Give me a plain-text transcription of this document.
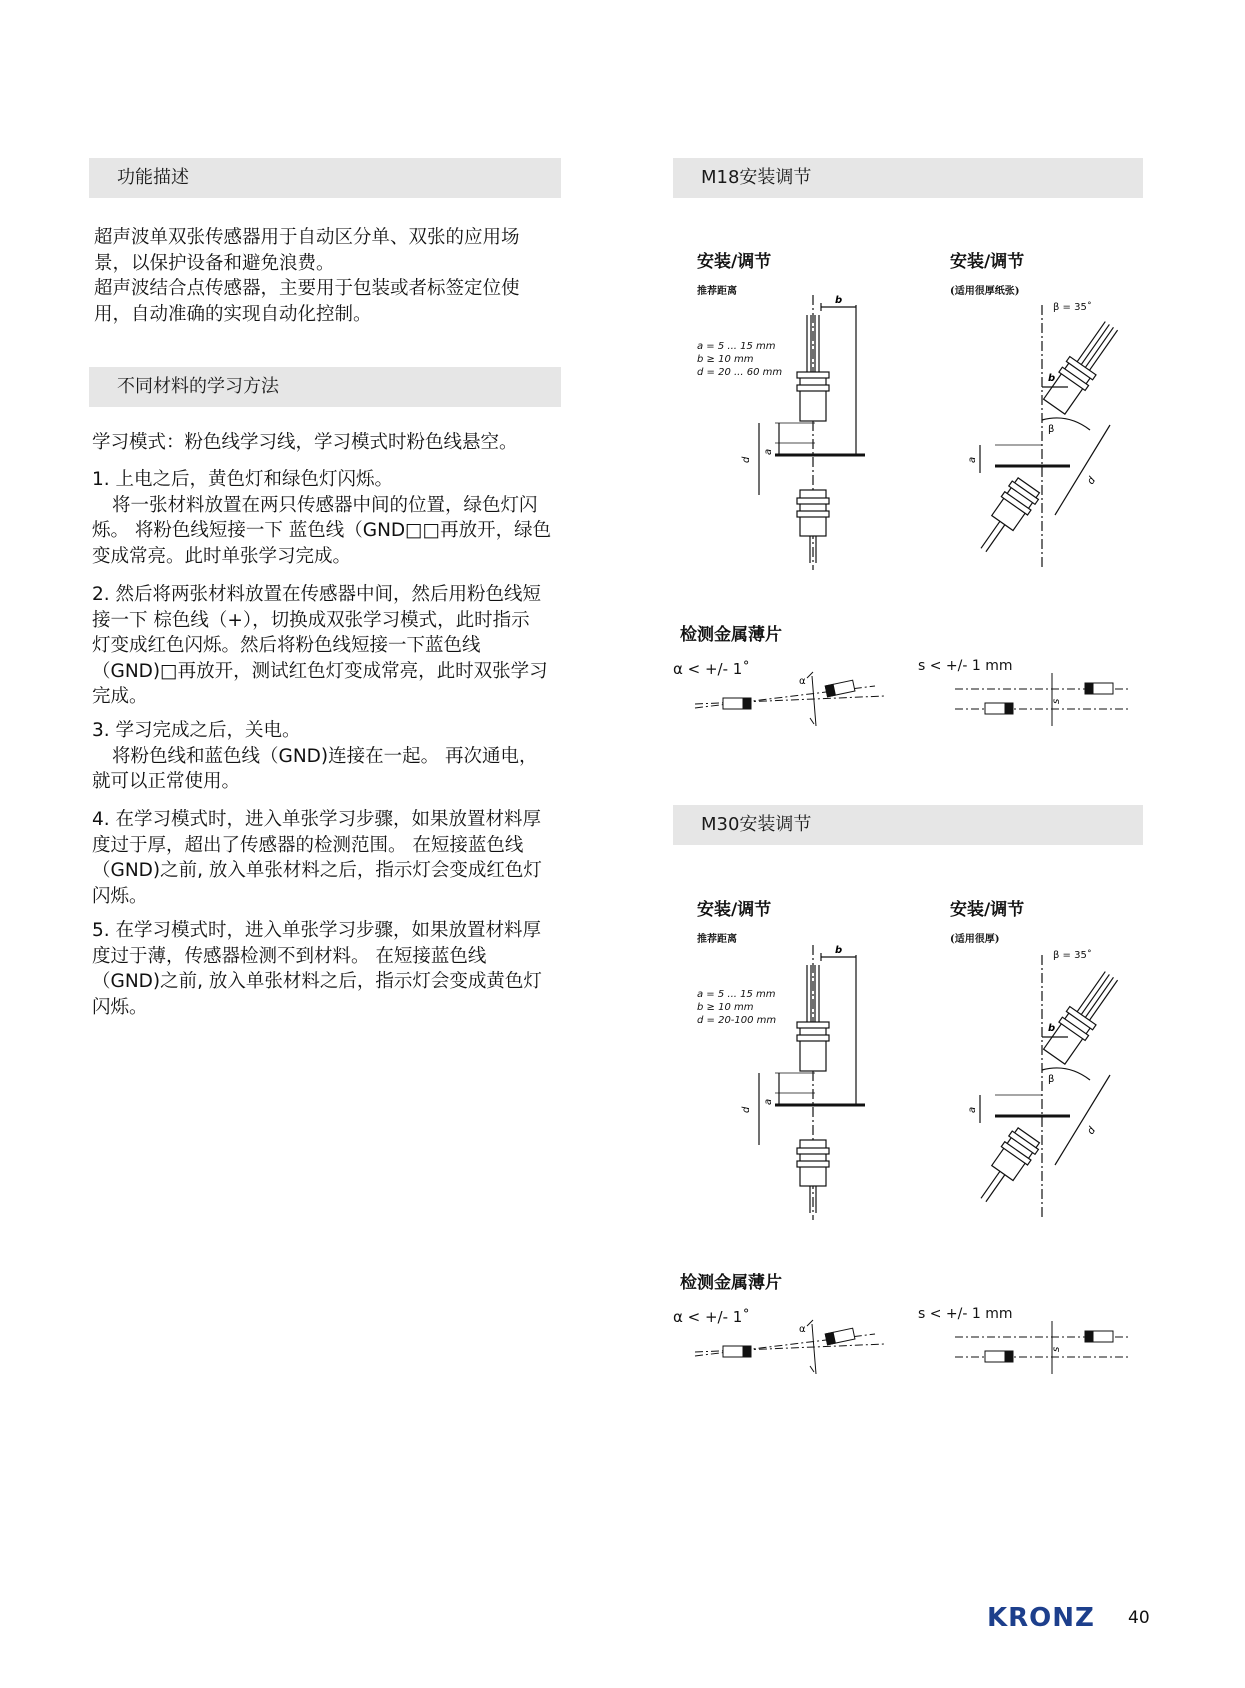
功能描述

超声波单双张传感器用于自动区分单、双张的应用场

景，以保护设备和避免浪费。

超声波结合点传感器，主要用于包装或者标签定位使

用，自动准确的实现自动化控制。

不同材料的学习方法

学习模式：粉色线学习线，学习模式时粉色线悬空。

1. 上电之后，黄色灯和绿色灯闪烁。

将一张材料放置在两只传感器中间的位置，绿色灯闪

烁。 将粉色线短接一下 蓝色线（GND□□再放开，绿色

变成常亮。此时单张学习完成。

2. 然后将两张材料放置在传感器中间，然后用粉色线短

接一下 棕色线（+），切换成双张学习模式，此时指示

灯变成红色闪烁。然后将粉色线短接一下蓝色线

（GND)□再放开，测试红色灯变成常亮，此时双张学习

完成。

3. 学习完成之后，关电。

将粉色线和蓝色线（GND)连接在一起。 再次通电，

就可以正常使用。

4. 在学习模式时，进入单张学习步骤，如果放置材料厚

度过于厚，超出了传感器的检测范围。 在短接蓝色线

（GND)之前, 放入单张材料之后，指示灯会变成红色灯

闪烁。

5. 在学习模式时，进入单张学习步骤，如果放置材料厚

度过于薄，传感器检测不到材料。 在短接蓝色线

（GND)之前, 放入单张材料之后，指示灯会变成黄色灯

闪烁。

M18安装调节
安装/调节
推荐距离
安装/调节
(适用很厚纸张)
a = 5 ... 15 mm
b ≥ 10 mm
d = 20 ... 60 mm
β = 35˚
d
a
b
a
b
β
d
检测金属薄片
α < +/- 1˚	s < +/- 1 mm
α
s
M30安装调节
安装/调节
推荐距离
安装/调节
(适用很厚)
a = 5 ... 15 mm
b ≥ 10 mm
d = 20-100 mm
β = 35˚
d
a
b
a
b
β
d
检测金属薄片
α < +/- 1˚	s < +/- 1 mm
α
s
KRONZ 40
